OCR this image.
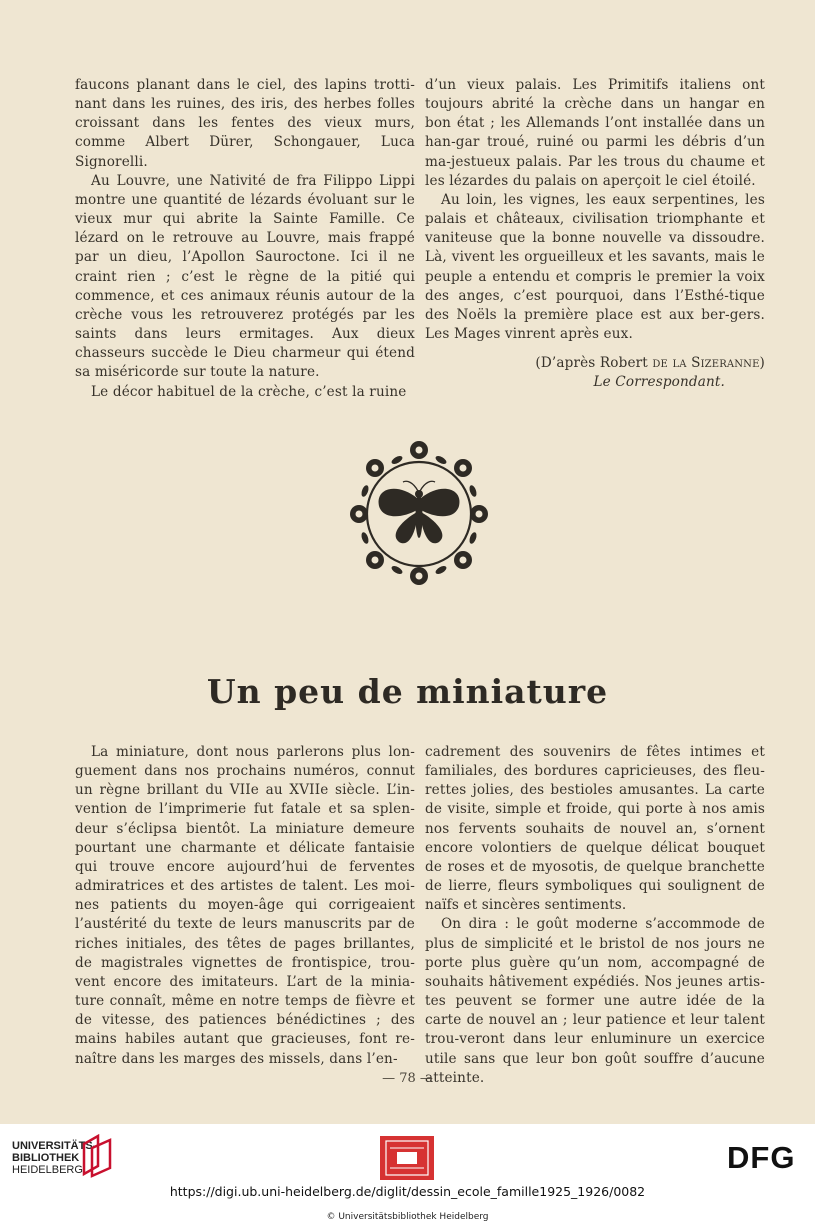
faucons planant dans le ciel, des lapins trotti-nant dans les ruines, des iris, des herbes folles croissant dans les fentes des vieux murs, comme Albert Dürer, Schongauer, Luca Signorelli.

Au Louvre, une Nativité de fra Filippo Lippi montre une quantité de lézards évoluant sur le vieux mur qui abrite la Sainte Famille. Ce lézard on le retrouve au Louvre, mais frappé par un dieu, l’Apollon Sauroctone. Ici il ne craint rien ; c’est le règne de la pitié qui commence, et ces animaux réunis autour de la crèche vous les retrouverez protégés par les saints dans leurs ermitages. Aux dieux chasseurs succède le Dieu charmeur qui étend sa miséricorde sur toute la nature.

Le décor habituel de la crèche, c’est la ruine

d’un vieux palais. Les Primitifs italiens ont toujours abrité la crèche dans un hangar en bon état ; les Allemands l’ont installée dans un han-gar troué, ruiné ou parmi les débris d’un ma-jestueux palais. Par les trous du chaume et les lézardes du palais on aperçoit le ciel étoilé.

Au loin, les vignes, les eaux serpentines, les palais et châteaux, civilisation triomphante et vaniteuse que la bonne nouvelle va dissoudre. Là, vivent les orgueilleux et les savants, mais le peuple a entendu et compris le premier la voix des anges, c’est pourquoi, dans l’Esthé-tique des Noëls la première place est aux ber-gers. Les Mages vinrent après eux.

(D’après Robert de la Sizeranne)

Le Correspondant.

Un peu de miniature

La miniature, dont nous parlerons plus lon-guement dans nos prochains numéros, connut un règne brillant du VIIe au XVIIe siècle. L’in-vention de l’imprimerie fut fatale et sa splen-deur s’éclipsa bientôt. La miniature demeure pourtant une charmante et délicate fantaisie qui trouve encore aujourd’hui de ferventes admiratrices et des artistes de talent. Les moi-nes patients du moyen-âge qui corrigeaient l’austérité du texte de leurs manuscrits par de riches initiales, des têtes de pages brillantes, de magistrales vignettes de frontispice, trou-vent encore des imitateurs. L’art de la minia-ture connaît, même en notre temps de fièvre et de vitesse, des patiences bénédictines ; des mains habiles autant que gracieuses, font re-naître dans les marges des missels, dans l’en-

cadrement des souvenirs de fêtes intimes et familiales, des bordures capricieuses, des fleu-rettes jolies, des bestioles amusantes. La carte de visite, simple et froide, qui porte à nos amis nos fervents souhaits de nouvel an, s’ornent encore volontiers de quelque délicat bouquet de roses et de myosotis, de quelque branchette de lierre, fleurs symboliques qui soulignent de naïfs et sincères sentiments.

On dira : le goût moderne s’accommode de plus de simplicité et le bristol de nos jours ne porte plus guère qu’un nom, accompagné de souhaits hâtivement expédiés. Nos jeunes artis-tes peuvent se former une autre idée de la carte de nouvel an ; leur patience et leur talent trou-veront dans leur enluminure un exercice utile sans que leur bon goût souffre d’aucune atteinte.

— 78 —
UNIVERSITÄTS-
BIBLIOTHEK
HEIDELBERG	DFG
https://digi.ub.uni-heidelberg.de/diglit/dessin_ecole_famille1925_1926/0082
© Universitätsbibliothek Heidelberg
